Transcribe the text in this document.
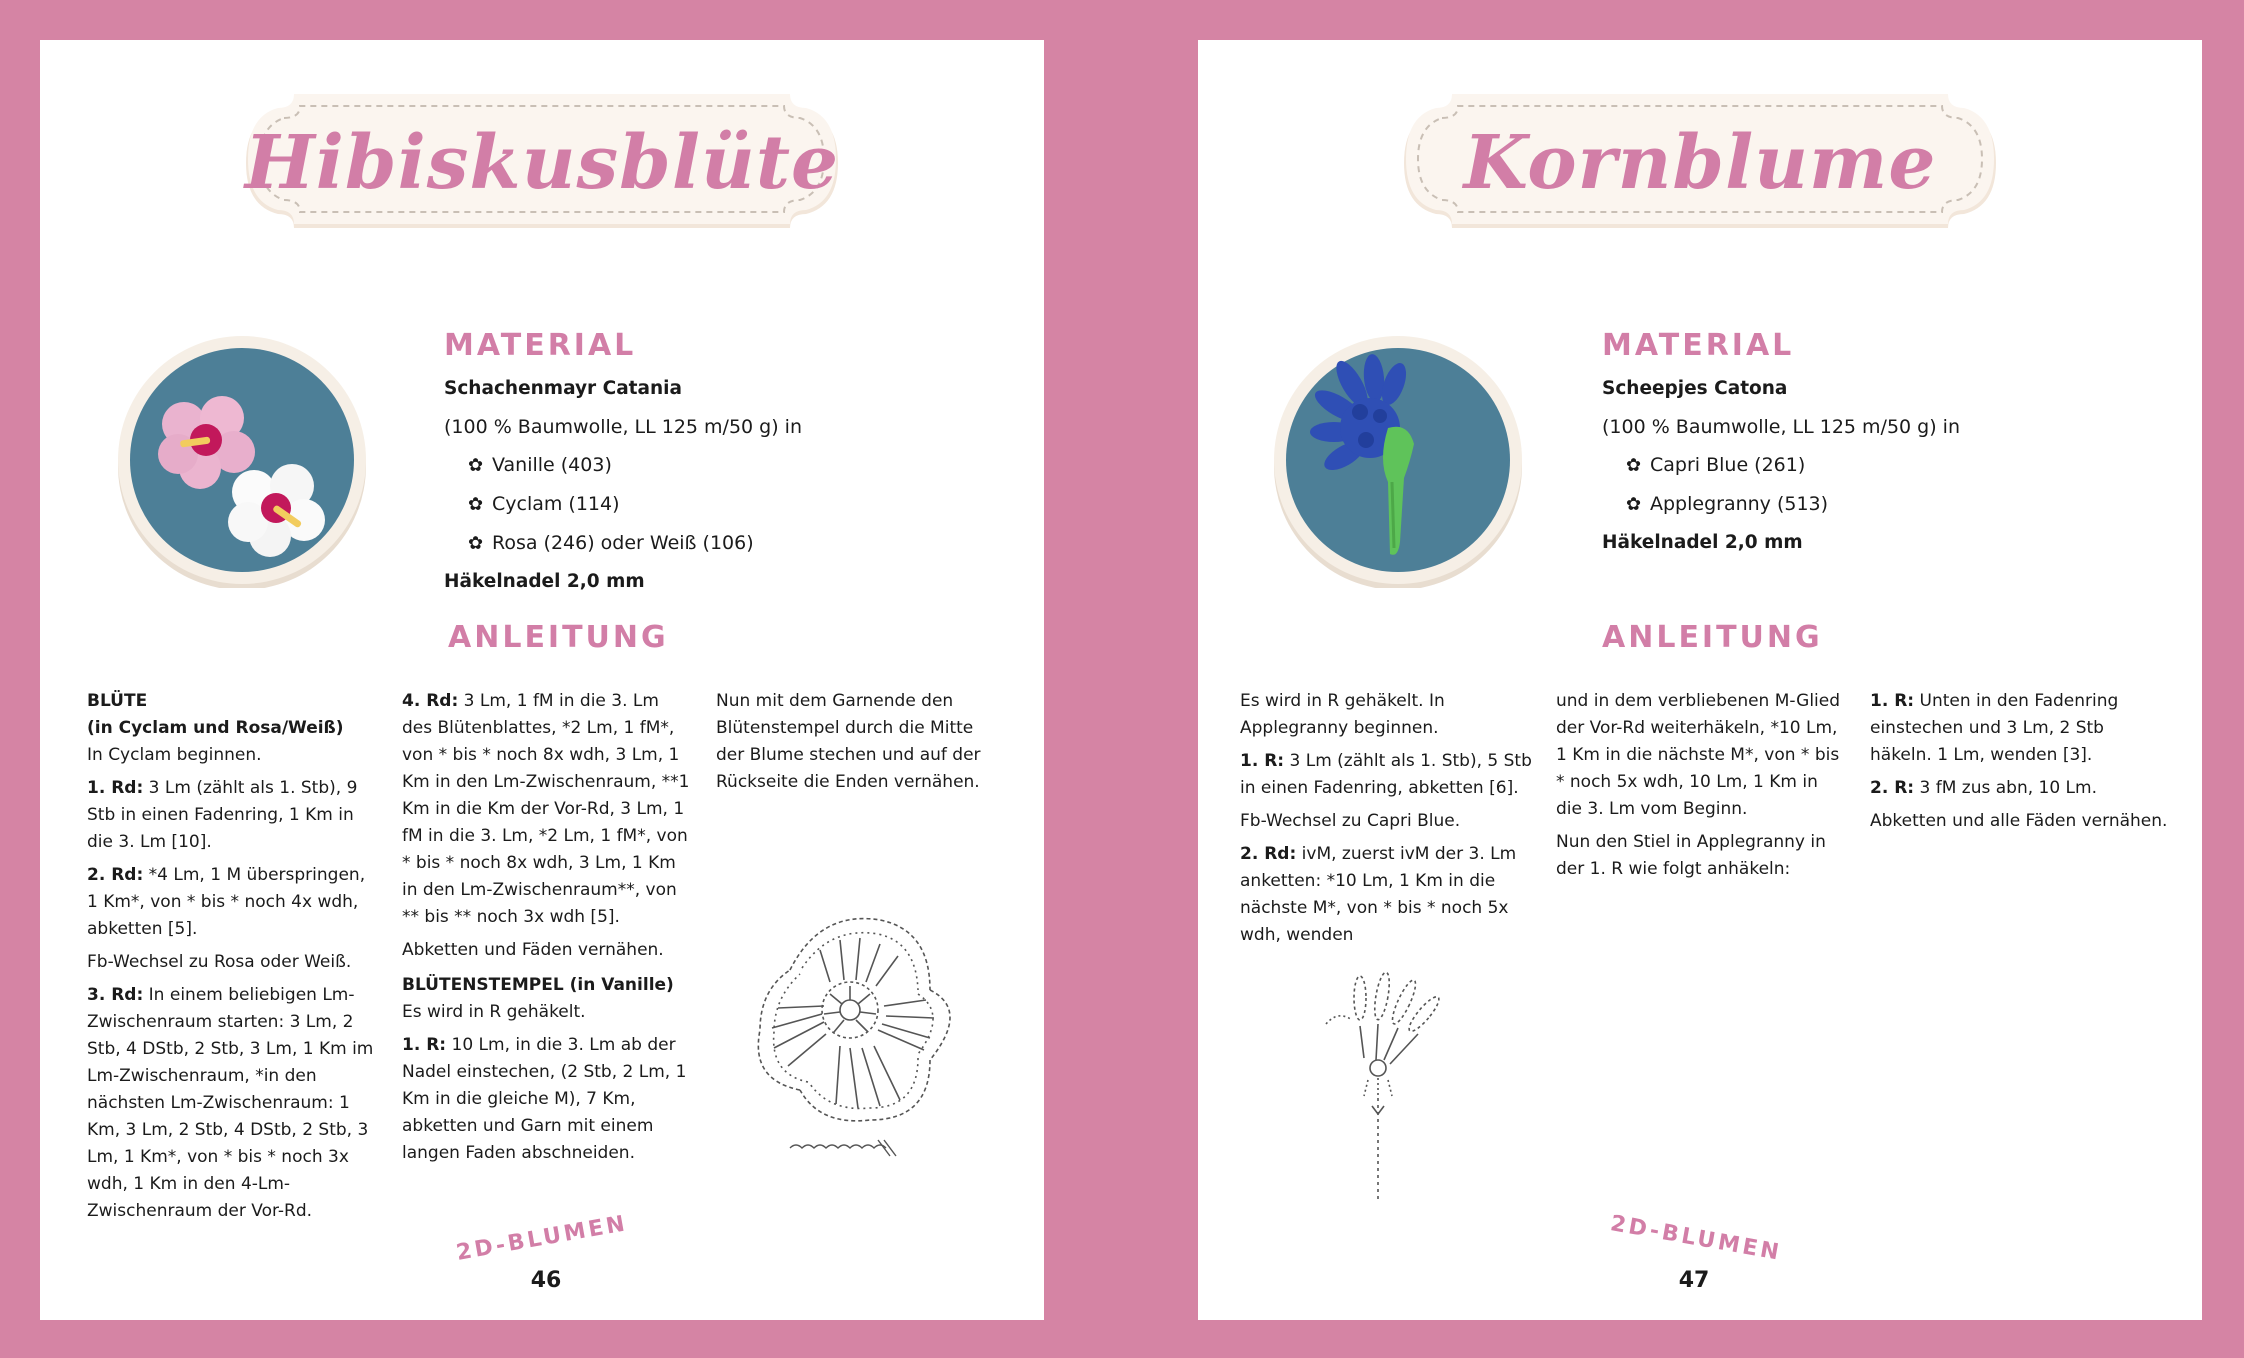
Hibiskusblüte
MATERIAL
Schachenmayr Catania
(100 % Baumwolle, LL 125 m/50 g) in
✿ Vanille (403)
✿ Cyclam (114)
✿ Rosa (246) oder Weiß (106)
Häkelnadel 2,0 mm
ANLEITUNG
BLÜTE
(in Cyclam und Rosa/Weiß)

In Cyclam beginnen.

1. Rd: 3 Lm (zählt als 1. Stb), 9 Stb in einen Fadenring, 1 Km in die 3. Lm [10].

2. Rd: *4 Lm, 1 M überspringen, 1 Km*, von * bis * noch 4x wdh, abketten [5].

Fb-Wechsel zu Rosa oder Weiß.

3. Rd: In einem beliebigen Lm-Zwischenraum starten: 3 Lm, 2 Stb, 4 DStb, 2 Stb, 3 Lm, 1 Km im Lm-Zwischenraum, *in den nächsten Lm-Zwischenraum: 1 Km, 3 Lm, 2 Stb, 4 DStb, 2 Stb, 3 Lm, 1 Km*, von * bis * noch 3x wdh, 1 Km in den 4-Lm-Zwischenraum der Vor-Rd.

4. Rd: 3 Lm, 1 fM in die 3. Lm des Blütenblattes, *2 Lm, 1 fM*, von * bis * noch 8x wdh, 3 Lm, 1 Km in den Lm-Zwischenraum, **1 Km in die Km der Vor-Rd, 3 Lm, 1 fM in die 3. Lm, *2 Lm, 1 fM*, von * bis * noch 8x wdh, 3 Lm, 1 Km in den Lm-Zwischenraum**, von ** bis ** noch 3x wdh [5].

Abketten und Fäden vernähen.

BLÜTENSTEMPEL (in Vanille)

Es wird in R gehäkelt.

1. R: 10 Lm, in die 3. Lm ab der Nadel einstechen, (2 Stb, 2 Lm, 1 Km in die gleiche M), 7 Km, abketten und Garn mit einem langen Faden abschneiden.

Nun mit dem Garnende den Blütenstempel durch die Mitte der Blume stechen und auf der Rückseite die Enden vernähen.

2D-BLUMEN
46
Kornblume
MATERIAL
Scheepjes Catona
(100 % Baumwolle, LL 125 m/50 g) in
✿ Capri Blue (261)
✿ Applegranny (513)
Häkelnadel 2,0 mm
ANLEITUNG

Es wird in R gehäkelt. In Applegranny beginnen.

1. R: 3 Lm (zählt als 1. Stb), 5 Stb in einen Fadenring, abketten [6].

Fb-Wechsel zu Capri Blue.

2. Rd: ivM, zuerst ivM der 3. Lm anketten: *10 Lm, 1 Km in die nächste M*, von * bis * noch 5x wdh, wenden

und in dem verbliebenen M-Glied der Vor-Rd weiterhäkeln, *10 Lm, 1 Km in die nächste M*, von * bis * noch 5x wdh, 10 Lm, 1 Km in die 3. Lm vom Beginn.

Nun den Stiel in Applegranny in der 1. R wie folgt anhäkeln:

1. R: Unten in den Fadenring einstechen und 3 Lm, 2 Stb häkeln. 1 Lm, wenden [3].

2. R: 3 fM zus abn, 10 Lm.

Abketten und alle Fäden vernähen.

2D-BLUMEN
47
